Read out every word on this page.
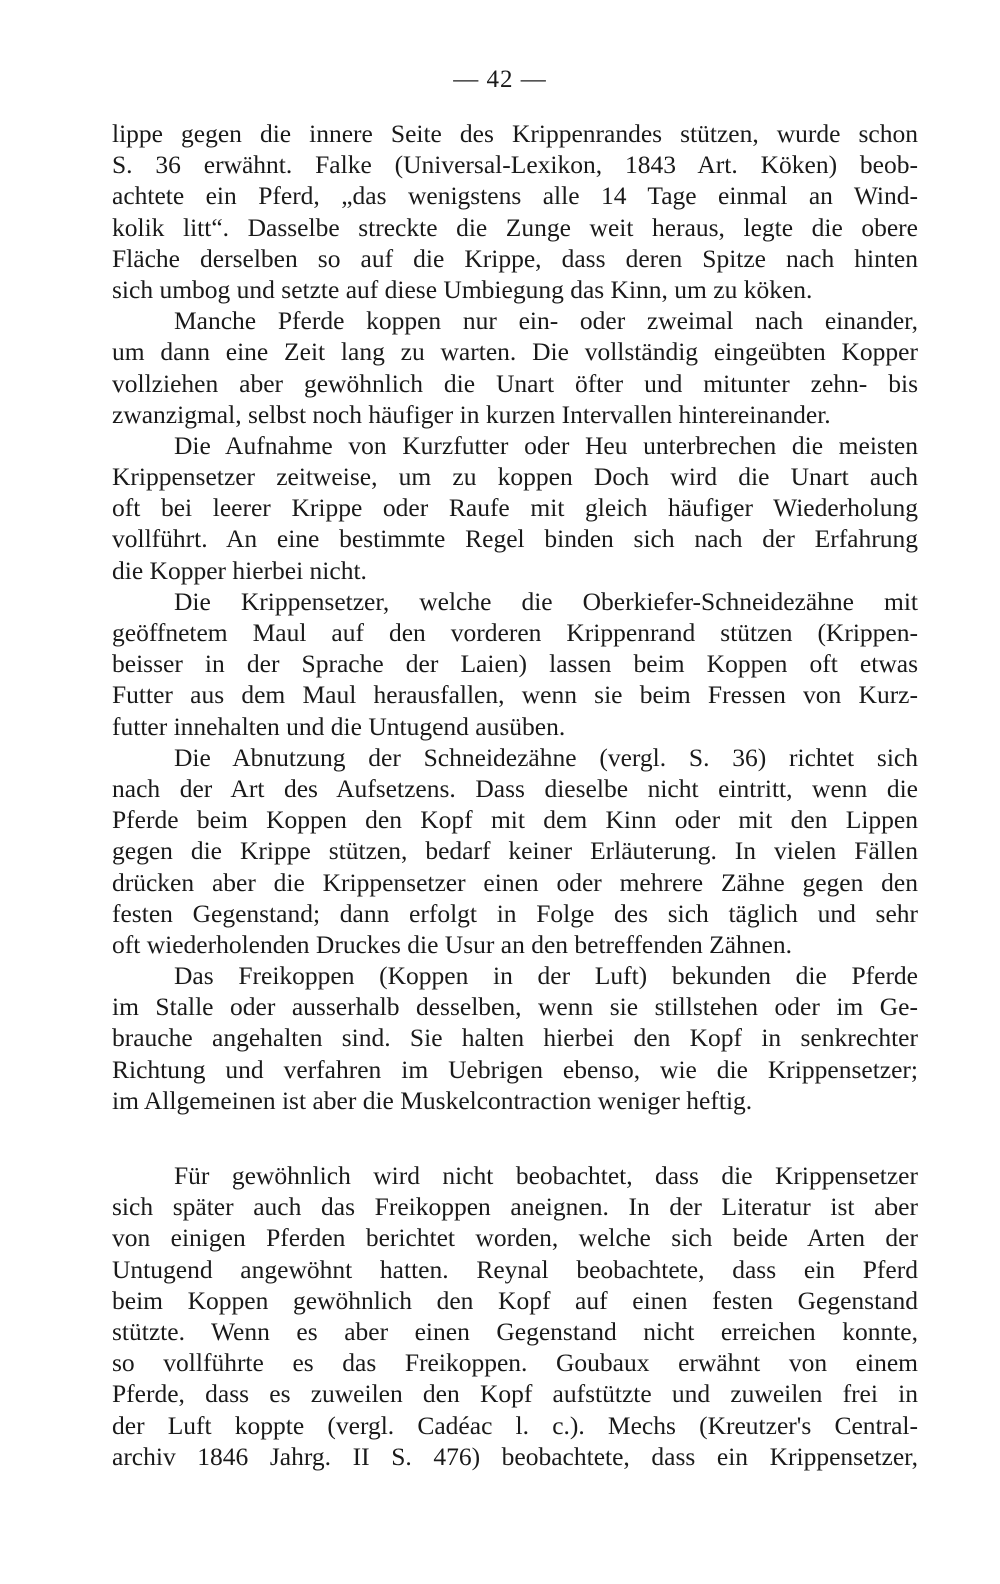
— 42 —
lippe gegen die innere Seite des Krippenrandes stützen, wurde schon
S. 36 erwähnt. Falke (Universal-Lexikon, 1843 Art. Köken) beob-
achtete ein Pferd, „das wenigstens alle 14 Tage einmal an Wind-
kolik litt“. Dasselbe streckte die Zunge weit heraus, legte die obere
Fläche derselben so auf die Krippe, dass deren Spitze nach hinten
sich umbog und setzte auf diese Umbiegung das Kinn, um zu köken.
Manche Pferde koppen nur ein- oder zweimal nach einander,
um dann eine Zeit lang zu warten. Die vollständig eingeübten Kopper
vollziehen aber gewöhnlich die Unart öfter und mitunter zehn- bis
zwanzigmal, selbst noch häufiger in kurzen Intervallen hintereinander.
Die Aufnahme von Kurzfutter oder Heu unterbrechen die meisten
Krippensetzer zeitweise, um zu koppen Doch wird die Unart auch
oft bei leerer Krippe oder Raufe mit gleich häufiger Wiederholung
vollführt. An eine bestimmte Regel binden sich nach der Erfahrung
die Kopper hierbei nicht.
Die Krippensetzer, welche die Oberkiefer-Schneidezähne mit
geöffnetem Maul auf den vorderen Krippenrand stützen (Krippen-
beisser in der Sprache der Laien) lassen beim Koppen oft etwas
Futter aus dem Maul herausfallen, wenn sie beim Fressen von Kurz-
futter innehalten und die Untugend ausüben.
Die Abnutzung der Schneidezähne (vergl. S. 36) richtet sich
nach der Art des Aufsetzens. Dass dieselbe nicht eintritt, wenn die
Pferde beim Koppen den Kopf mit dem Kinn oder mit den Lippen
gegen die Krippe stützen, bedarf keiner Erläuterung. In vielen Fällen
drücken aber die Krippensetzer einen oder mehrere Zähne gegen den
festen Gegenstand; dann erfolgt in Folge des sich täglich und sehr
oft wiederholenden Druckes die Usur an den betreffenden Zähnen.
Das Freikoppen (Koppen in der Luft) bekunden die Pferde
im Stalle oder ausserhalb desselben, wenn sie stillstehen oder im Ge-
brauche angehalten sind. Sie halten hierbei den Kopf in senkrechter
Richtung und verfahren im Uebrigen ebenso, wie die Krippensetzer;
im Allgemeinen ist aber die Muskelcontraction weniger heftig.
Für gewöhnlich wird nicht beobachtet, dass die Krippensetzer
sich später auch das Freikoppen aneignen. In der Literatur ist aber
von einigen Pferden berichtet worden, welche sich beide Arten der
Untugend angewöhnt hatten. Reynal beobachtete, dass ein Pferd
beim Koppen gewöhnlich den Kopf auf einen festen Gegenstand
stützte. Wenn es aber einen Gegenstand nicht erreichen konnte,
so vollführte es das Freikoppen. Goubaux erwähnt von einem
Pferde, dass es zuweilen den Kopf aufstützte und zuweilen frei in
der Luft koppte (vergl. Cadéac l. c.). Mechs (Kreutzer's Central-
archiv 1846 Jahrg. II S. 476) beobachtete, dass ein Krippensetzer,
